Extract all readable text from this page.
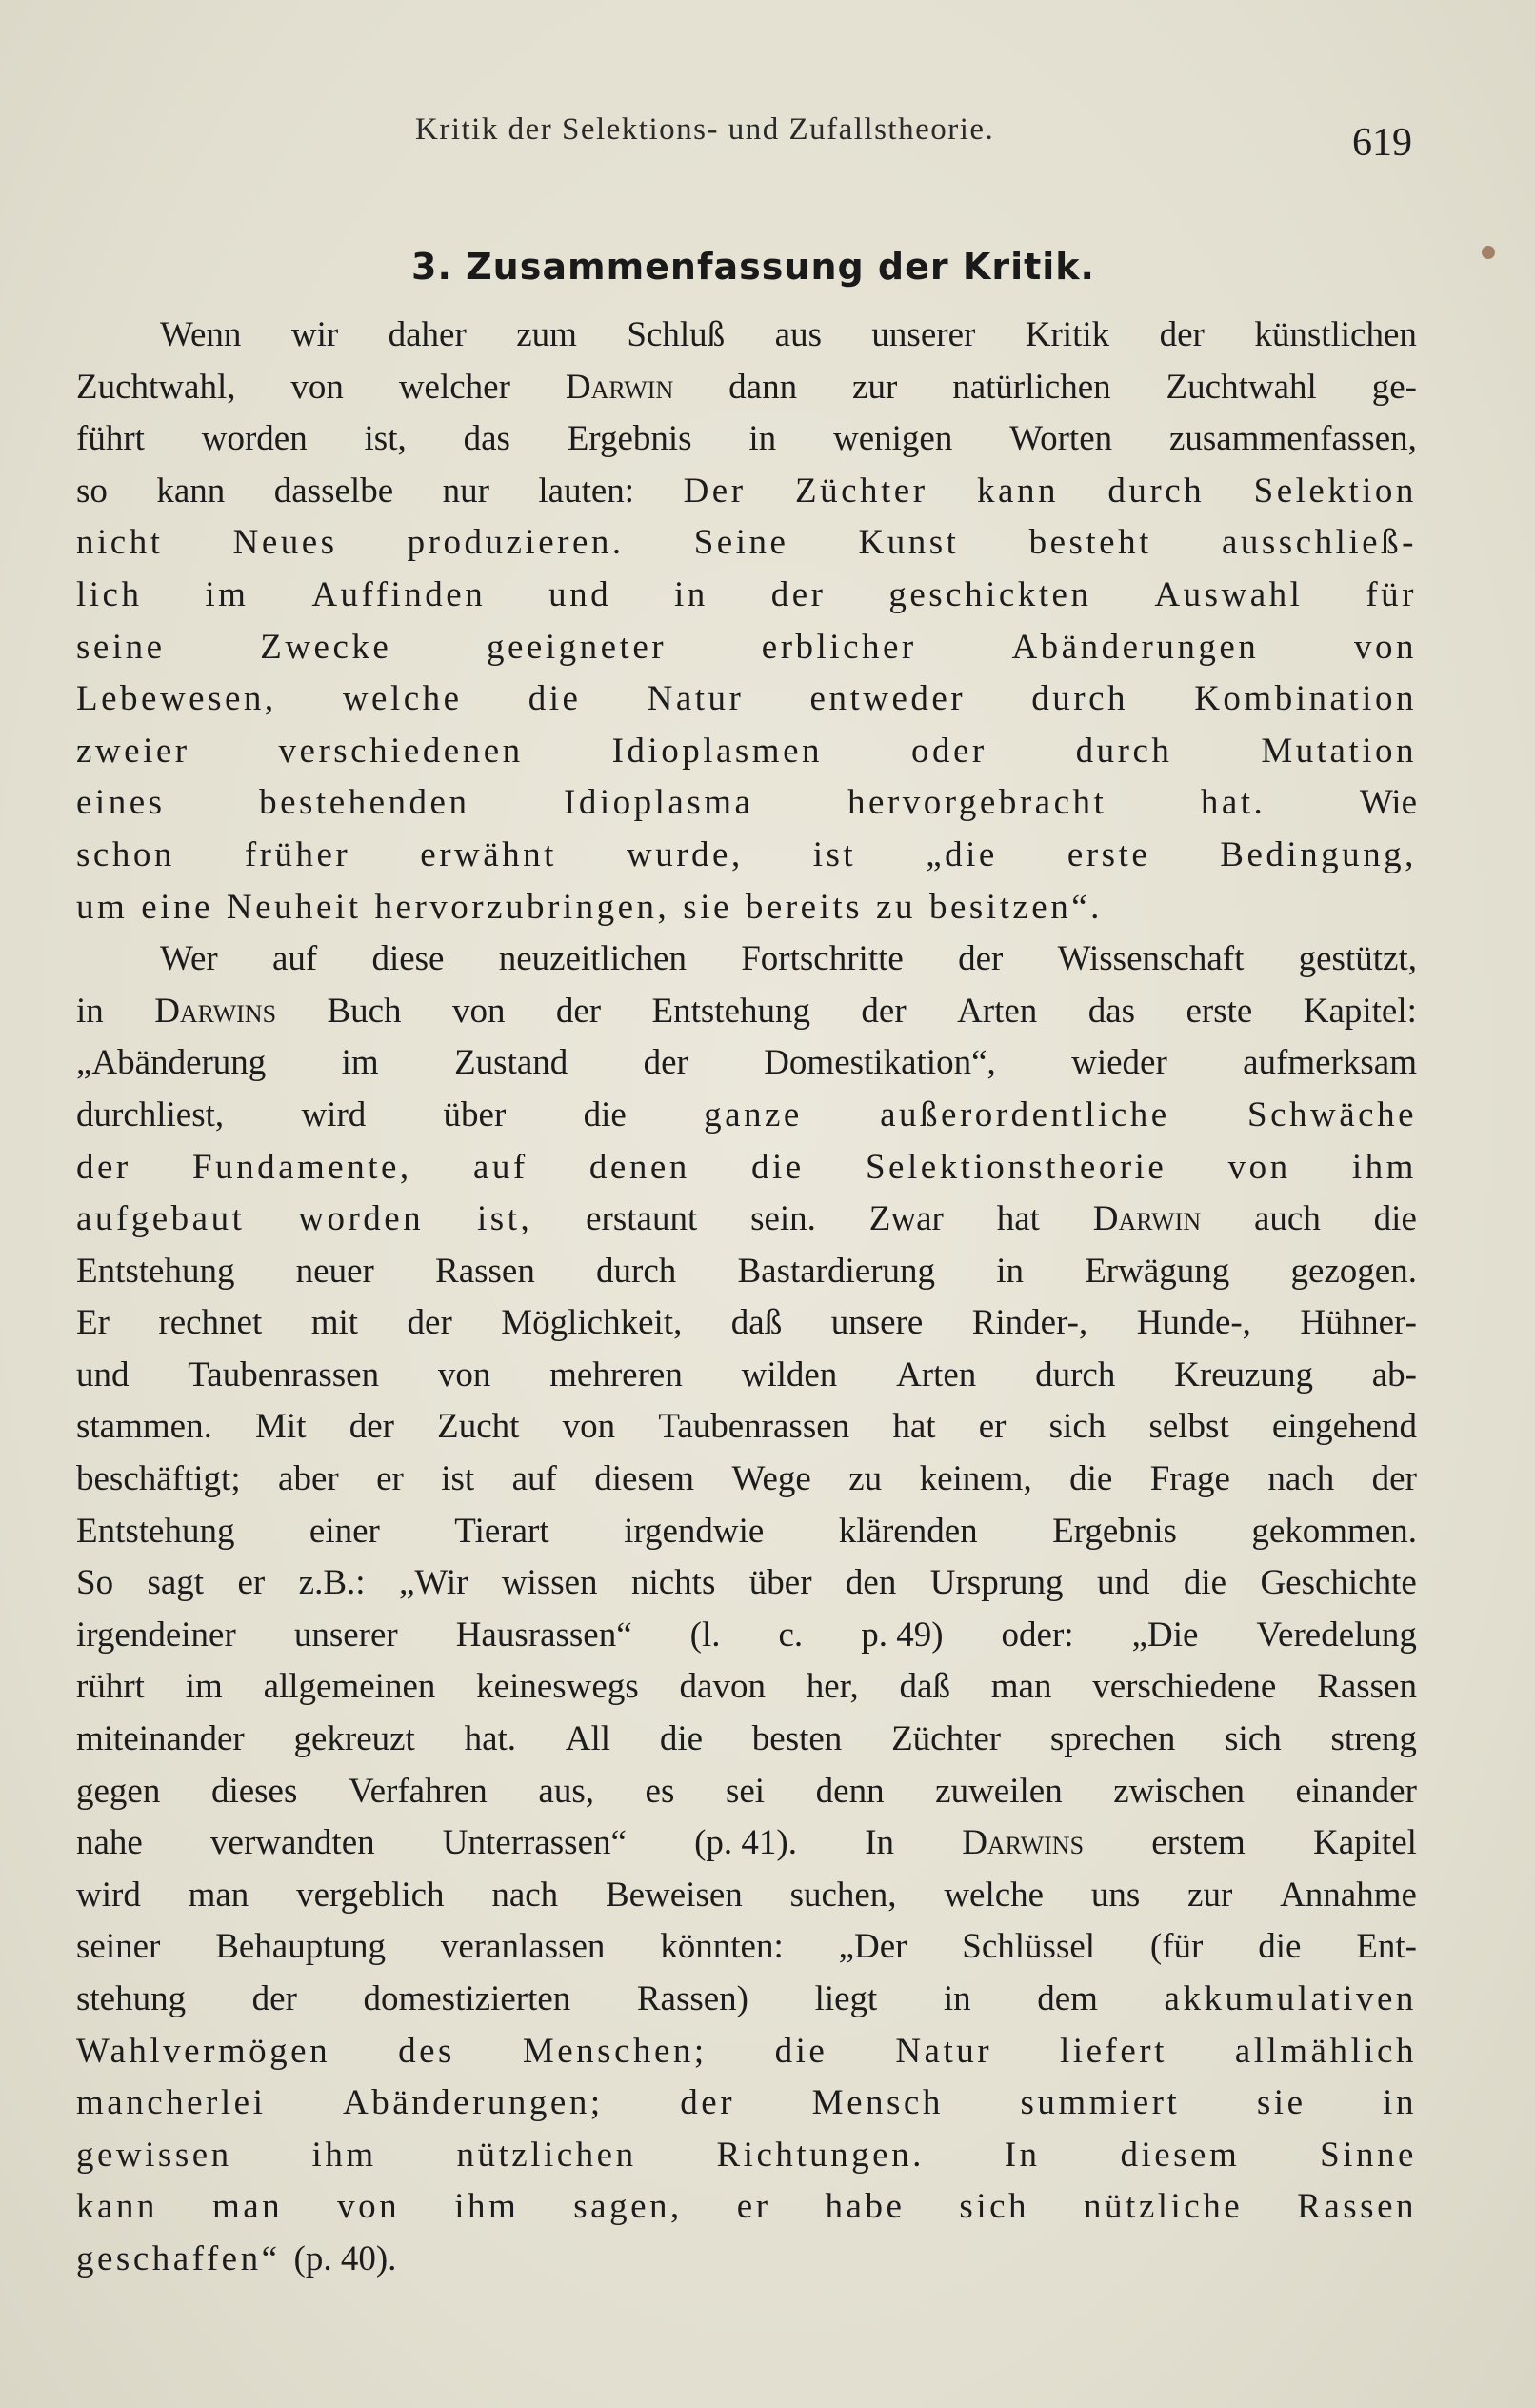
Kritik der Selektions- und Zufallstheorie.	619
3. Zusammenfassung der Kritik.
Wenn wir daher zum Schluß aus unserer Kritik der künstlichen
Zuchtwahl, von welcher Darwin dann zur natürlichen Zuchtwahl ge-
führt worden ist, das Ergebnis in wenigen Worten zusammenfassen,
so kann dasselbe nur lauten: Der Züchter kann durch Selektion
nicht Neues produzieren. Seine Kunst besteht ausschließ-
lich im Auffinden und in der geschickten Auswahl für
seine	Zwecke	geeigneter	erblicher	Abänderungen	von
Lebewesen, welche die Natur entweder durch Kombination
zweier	verschiedenen	Idioplasmen	oder	durch	Mutation
eines	bestehenden	Idioplasma	hervorgebracht	hat.	Wie
schon früher erwähnt wurde, ist „die erste Bedingung,
um eine Neuheit hervorzubringen, sie bereits zu besitzen“.
Wer auf diese neuzeitlichen Fortschritte der Wissenschaft gestützt,
in Darwins Buch von der Entstehung der Arten das erste Kapitel:
„Abänderung im Zustand der Domestikation“, wieder aufmerksam
durchliest, wird über die ganze außerordentliche Schwäche
der Fundamente, auf denen die Selektionstheorie von ihm
aufgebaut worden ist, erstaunt sein. Zwar hat Darwin auch die
Entstehung neuer Rassen durch Bastardierung in Erwägung gezogen.
Er rechnet mit der Möglichkeit, daß unsere Rinder-, Hunde-, Hühner-
und Taubenrassen von mehreren wilden Arten durch Kreuzung ab-
stammen. Mit der Zucht von Taubenrassen hat er sich selbst eingehend
beschäftigt; aber er ist auf diesem Wege zu keinem, die Frage nach der
Entstehung einer Tierart irgendwie klärenden Ergebnis gekommen.
So sagt er z.B.: „Wir wissen nichts über den Ursprung und die Geschichte
irgendeiner unserer Hausrassen“ (l. c. p. 49) oder: „Die Veredelung
rührt im allgemeinen keineswegs davon her, daß man verschiedene Rassen
miteinander gekreuzt hat. All die besten Züchter sprechen sich streng
gegen dieses Verfahren aus, es sei denn zuweilen zwischen einander
nahe verwandten Unterrassen“ (p. 41). In Darwins erstem Kapitel
wird man vergeblich nach Beweisen suchen, welche uns zur Annahme
seiner Behauptung veranlassen könnten: „Der Schlüssel (für die Ent-
stehung der domestizierten Rassen) liegt in dem akkumulativen
Wahlvermögen des Menschen; die Natur liefert allmählich
mancherlei Abänderungen; der Mensch summiert sie in
gewissen ihm nützlichen Richtungen. In diesem Sinne
kann man von ihm sagen, er habe sich nützliche Rassen
geschaffen“ (p. 40).
